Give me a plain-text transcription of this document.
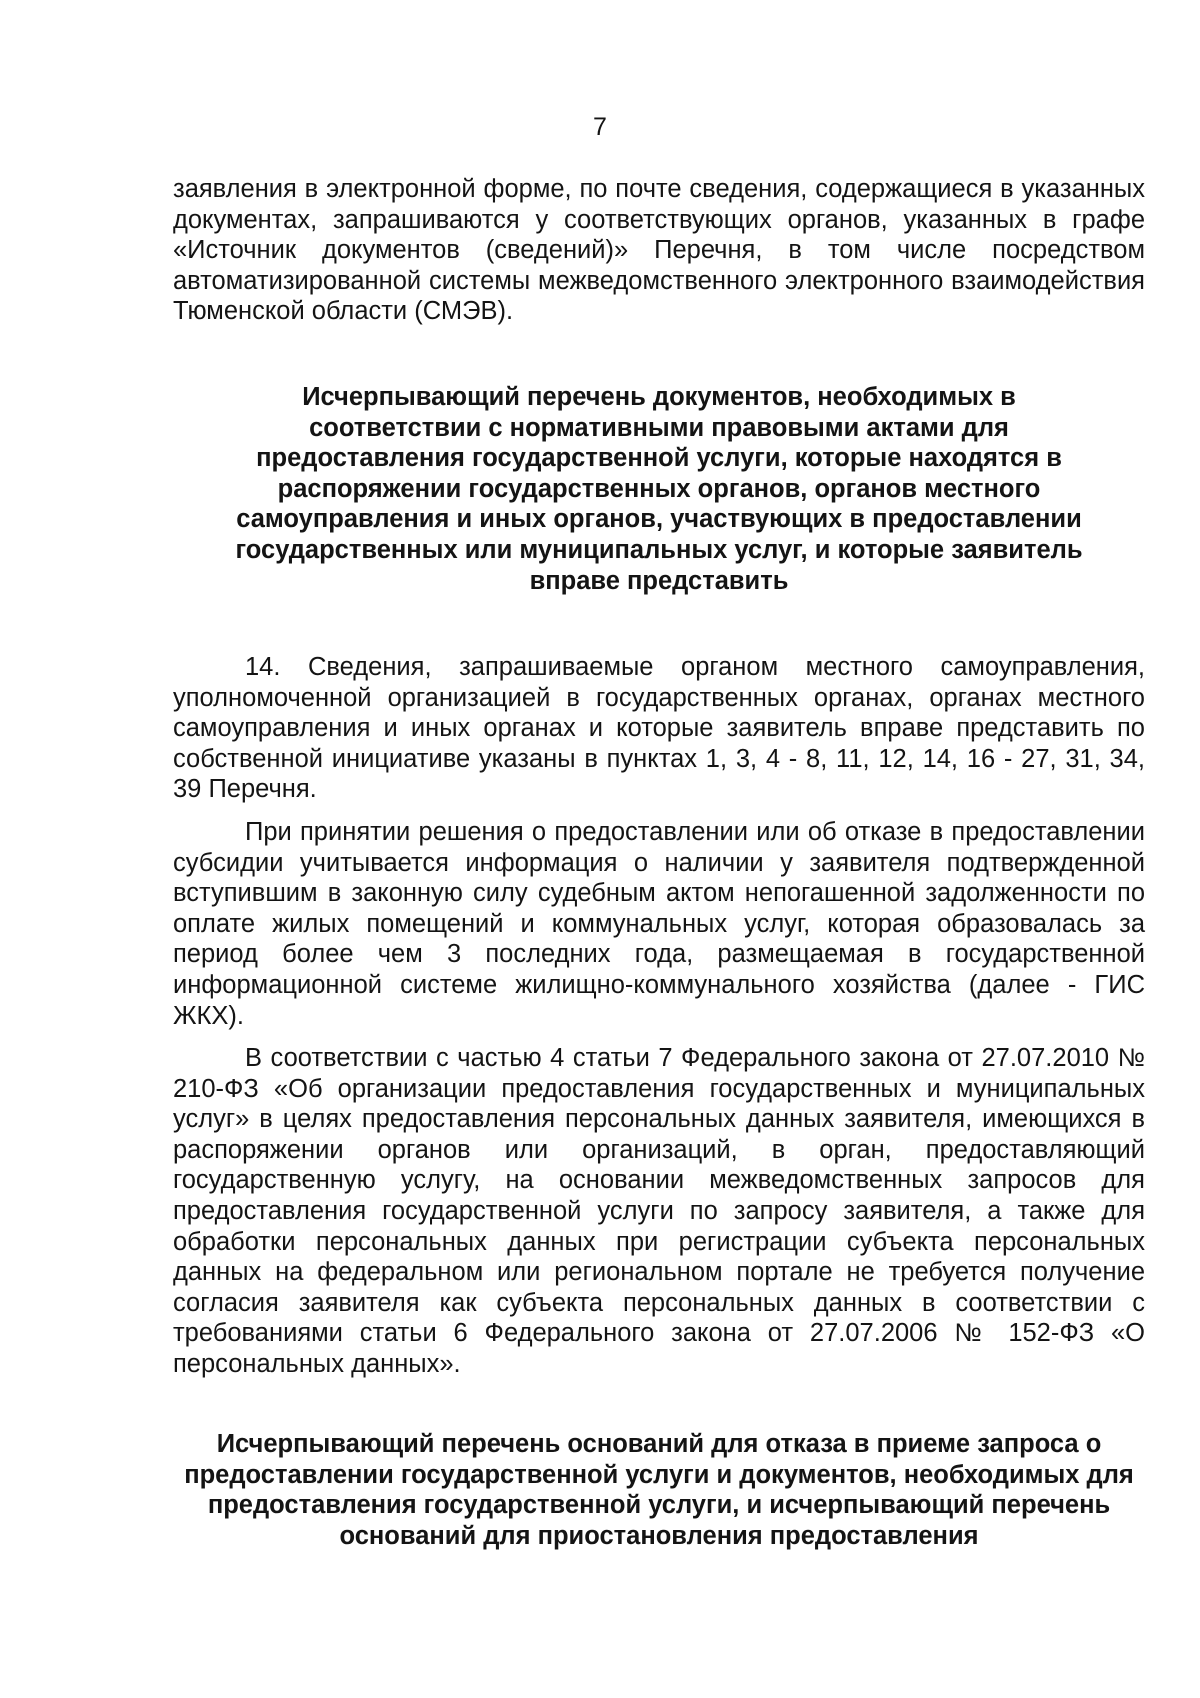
7

заявления в электронной форме, по почте сведения, содержащиеся в указанных документах, запрашиваются у соответствующих органов, указанных в графе «Источник документов (сведений)» Перечня, в том числе посредством автоматизированной системы межведомственного электронного взаимодействия Тюменской области (СМЭВ).

Исчерпывающий перечень документов, необходимых в соответствии с нормативными правовыми актами для предоставления государственной услуги, которые находятся в распоряжении государственных органов, органов местного самоуправления и иных органов, участвующих в предоставлении государственных или муниципальных услуг, и которые заявитель вправе представить

14. Сведения, запрашиваемые органом местного самоуправления, уполномоченной организацией в государственных органах, органах местного самоуправления и иных органах и которые заявитель вправе представить по собственной инициативе указаны в пунктах 1, 3, 4 - 8, 11, 12, 14, 16 - 27, 31, 34, 39 Перечня.

При принятии решения о предоставлении или об отказе в предоставлении субсидии учитывается информация о наличии у заявителя подтвержденной вступившим в законную силу судебным актом непогашенной задолженности по оплате жилых помещений и коммунальных услуг, которая образовалась за период более чем 3 последних года, размещаемая в государственной информационной системе жилищно-коммунального хозяйства (далее - ГИС ЖКХ).

В соответствии с частью 4 статьи 7 Федерального закона от 27.07.2010 № 210-ФЗ «Об организации предоставления государственных и муниципальных услуг» в целях предоставления персональных данных заявителя, имеющихся в распоряжении органов или организаций, в орган, предоставляющий государственную услугу, на основании межведомственных запросов для предоставления государственной услуги по запросу заявителя, а также для обработки персональных данных при регистрации субъекта персональных данных на федеральном или региональном портале не требуется получение согласия заявителя как субъекта персональных данных в соответствии с требованиями статьи 6 Федерального закона от 27.07.2006 № 152-ФЗ «О персональных данных».

Исчерпывающий перечень оснований для отказа в приеме запроса о предоставлении государственной услуги и документов, необходимых для предоставления государственной услуги, и исчерпывающий перечень оснований для приостановления предоставления
